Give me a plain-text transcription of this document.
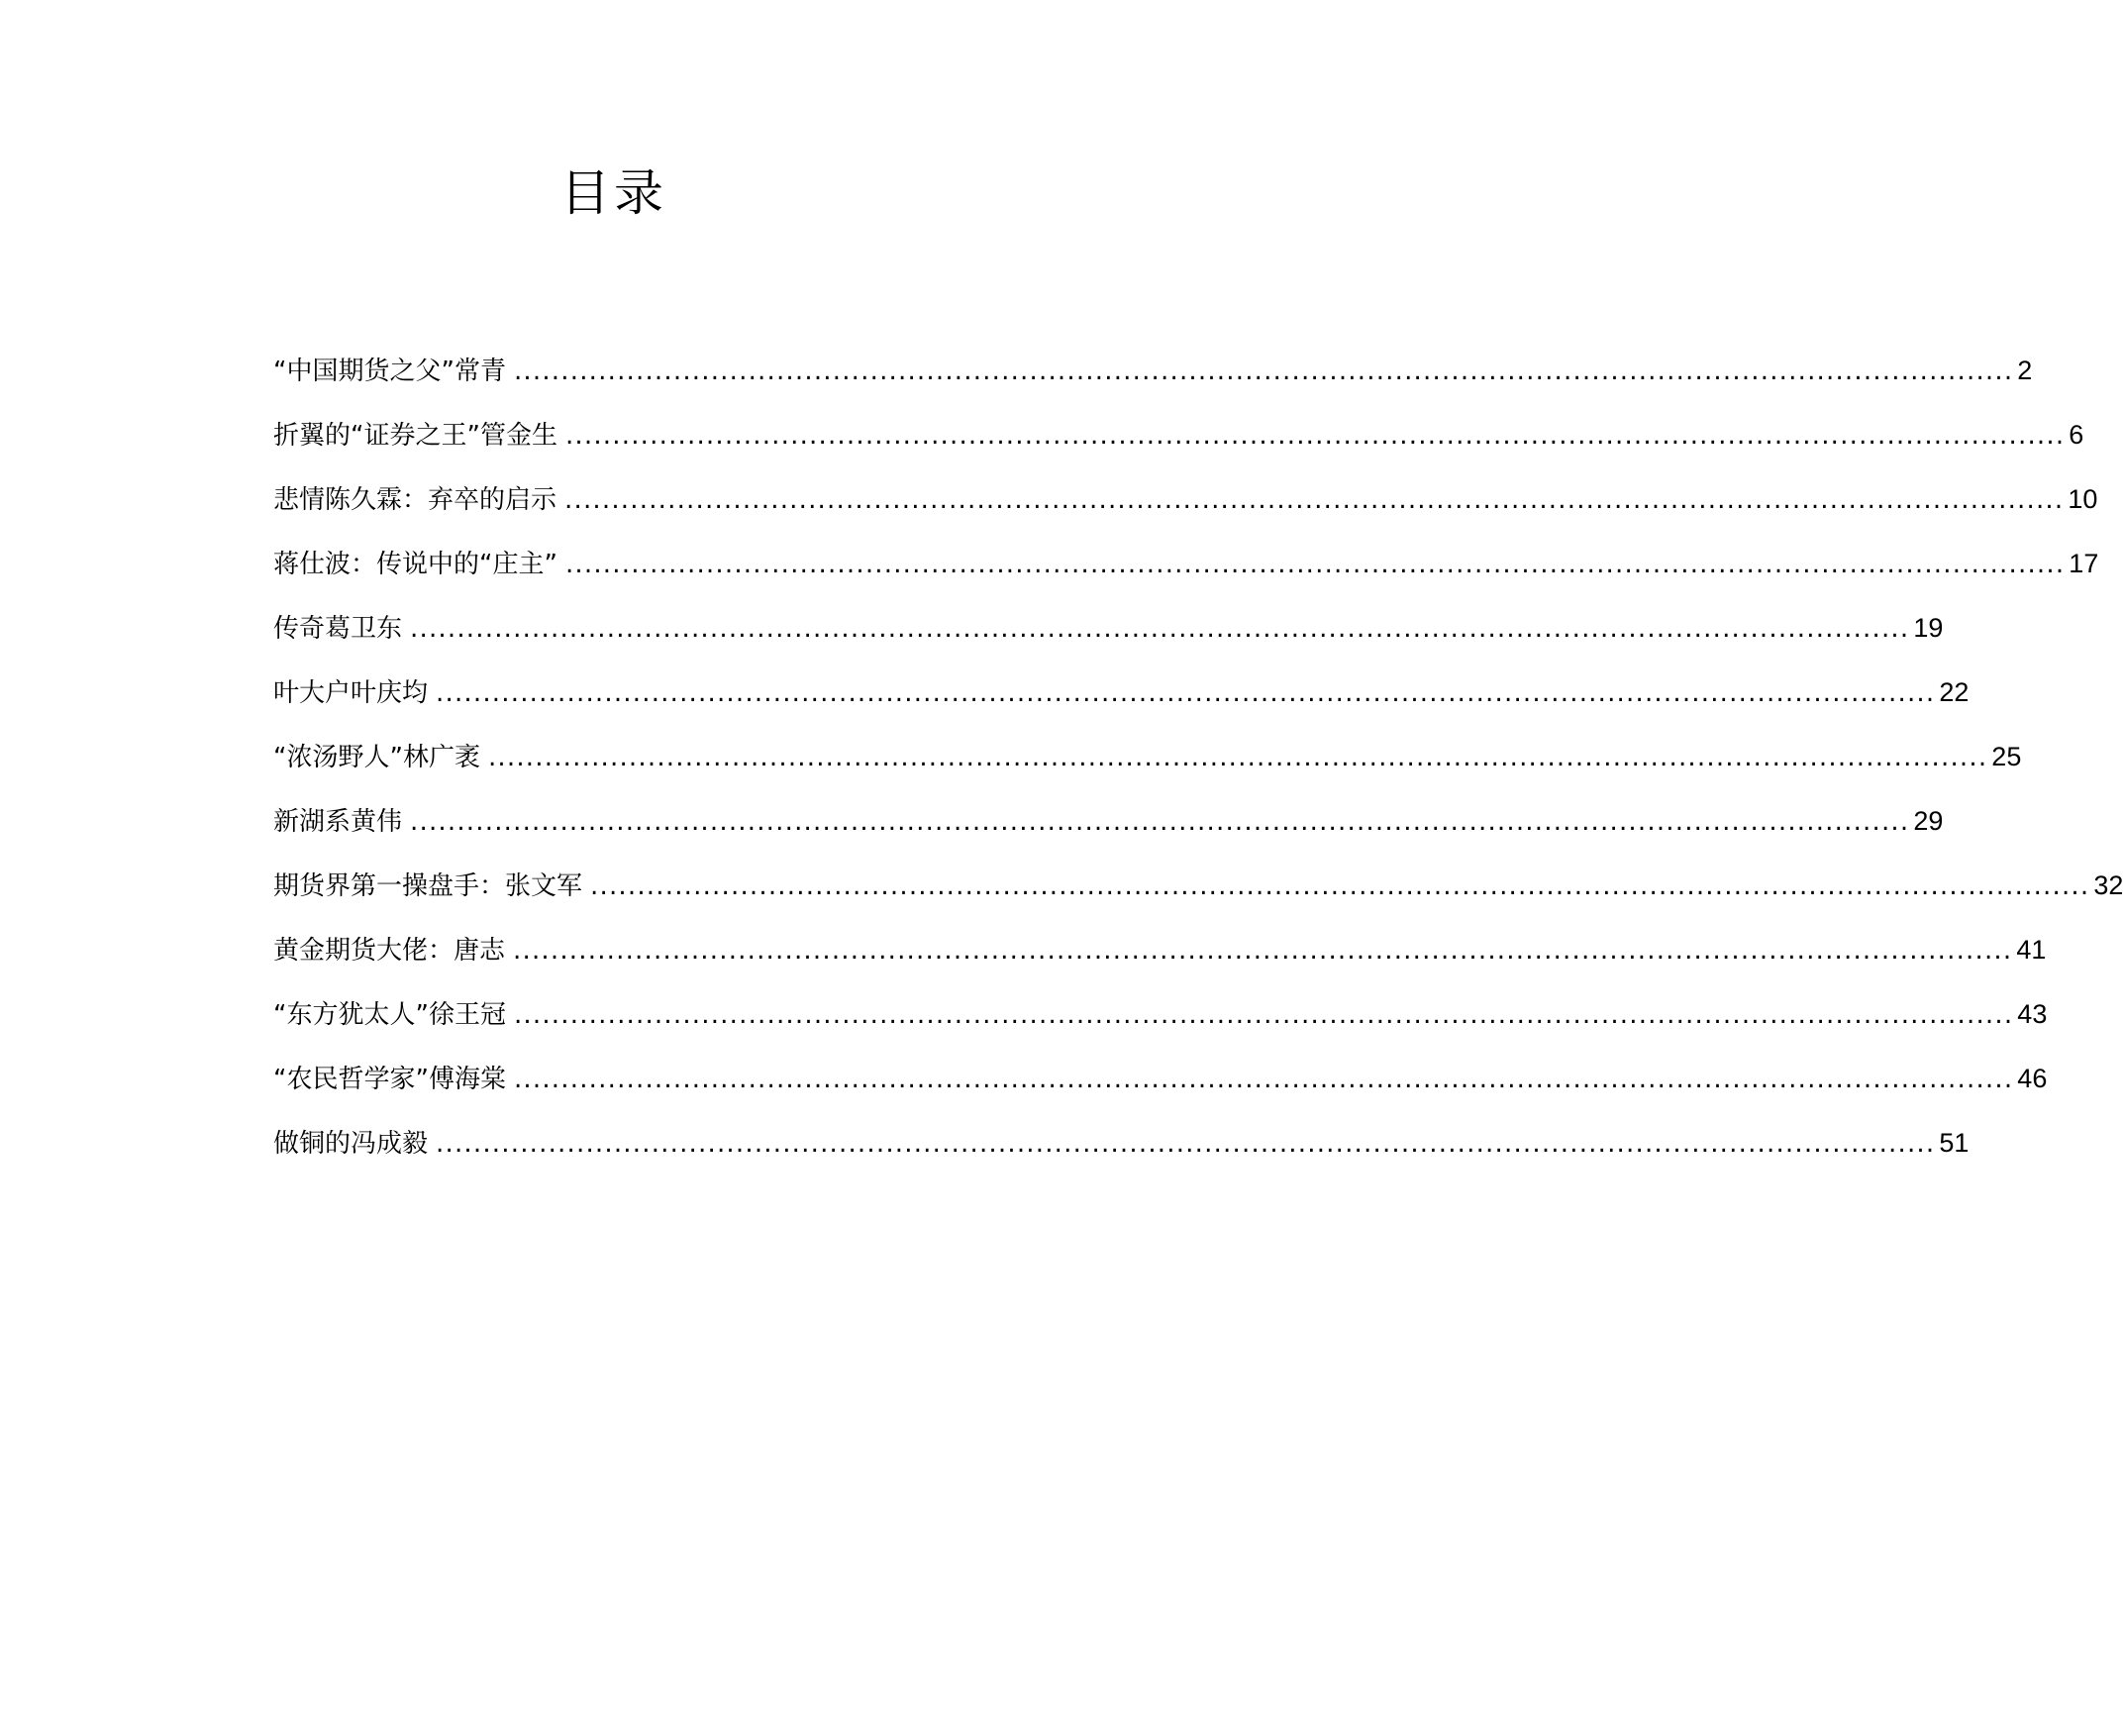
目录
“中国期货之父”常青 ................................................................................................................................................................ 2
折翼的“证券之王”管金生 ................................................................................................................................................................ 6
悲情陈久霖：弃卒的启示 ................................................................................................................................................................ 10
蒋仕波：传说中的“庄主” ................................................................................................................................................................ 17
传奇葛卫东 ................................................................................................................................................................ 19
叶大户叶庆均 ................................................................................................................................................................ 22
“浓汤野人”林广袤 ................................................................................................................................................................ 25
新湖系黄伟 ................................................................................................................................................................ 29
期货界第一操盘手：张文军 ................................................................................................................................................................ 32
黄金期货大佬：唐志 ................................................................................................................................................................ 41
“东方犹太人”徐王冠 ................................................................................................................................................................ 43
“农民哲学家”傅海棠 ................................................................................................................................................................ 46
做铜的冯成毅 ................................................................................................................................................................ 51
